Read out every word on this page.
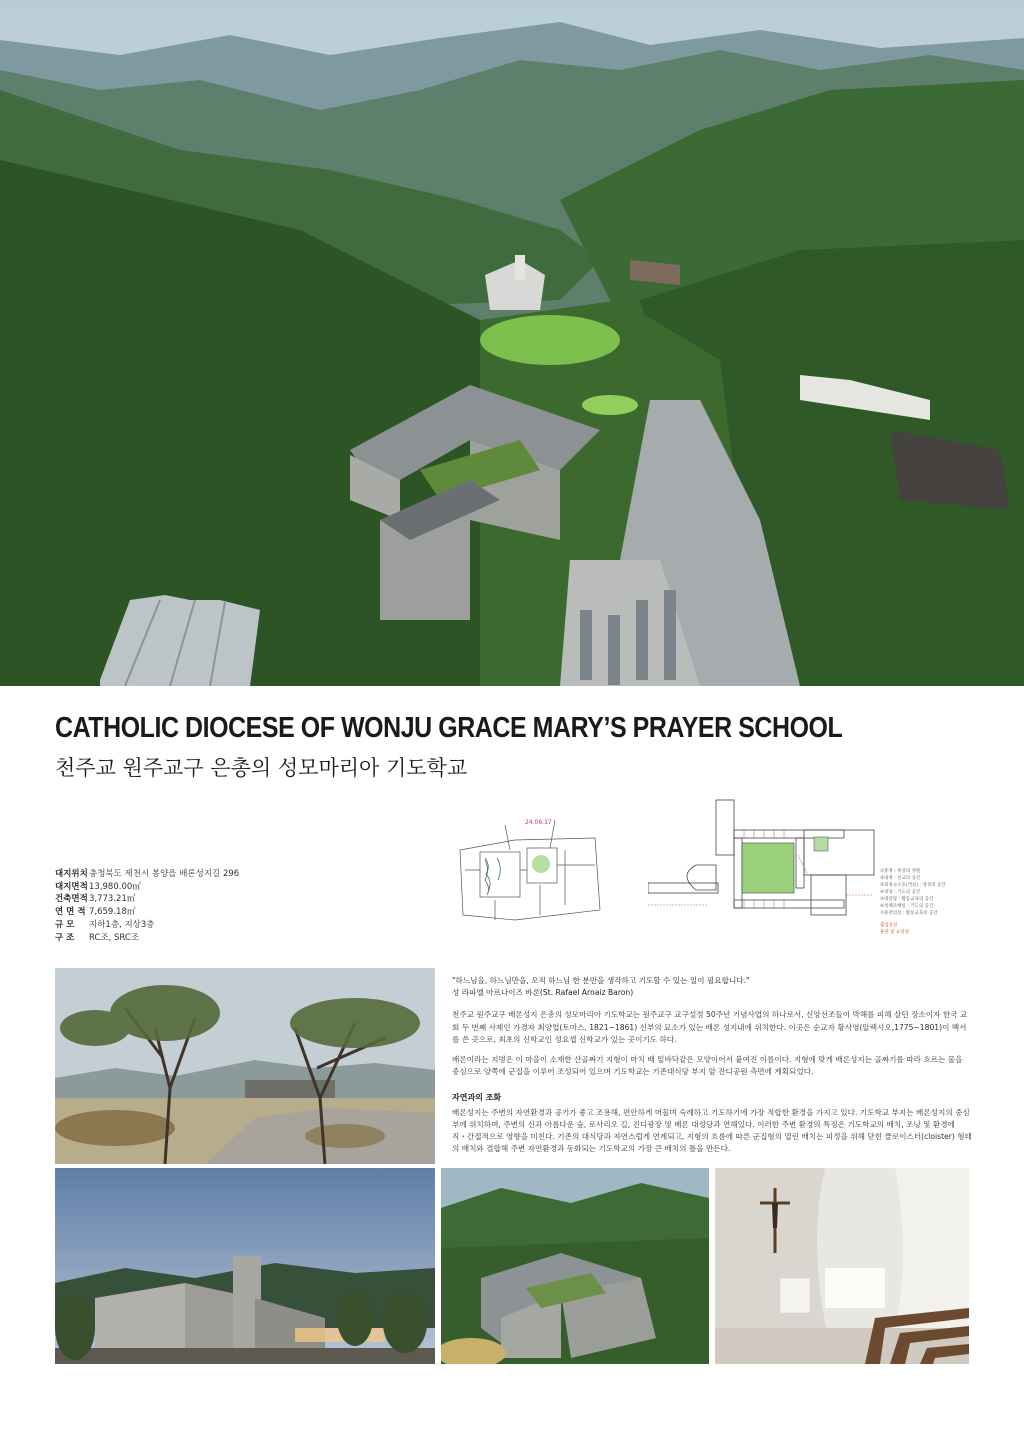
CATHOLIC DIOCESE OF WONJU GRACE MARY’S PRAYER SCHOOL
천주교 원주교구 은총의 성모마리아 기도학교
대지위치 충청북도 제천시 봉양읍 배론성지길 296
대지면적 13,980.00㎡
건축면적 3,773.21㎡
연 면 적 7,659.18㎡
규 모	지하1층, 지상3층
구 조	RC조, SRC조
24.06.17
①중정 : 묵상의 정원
②내정 : 친교의 공간
③피정숙소동(객실) : 영성의 공간
④성당 : 기도의 공간
⑤대강당 : 활동교육의 공간
⑥성체조배실 : 기도의 공간
⑦중강의실 : 활동교육의 공간
출입동선
휴관 및 요당실

"하느님을, 하느님만을, 오직 하느님 한 분만을 생각하고 기도할 수 있는 일이 필요합니다."
성 라파엘 아르나이즈 바론(St. Rafael Arnaiz Baron)

천주교 원주교구 배론성지 은총의 성모마리아 기도학교는 원주교구 교구설정 50주년 기념사업의 하나로서, 신앙선조들이 박해를 피해 살던 장소이자 한국 교회 두 번째 사제인 가경자 최양업(토마스, 1821~1861) 신부의 묘소가 있는 배론 성지내에 위치한다. 이곳은 순교자 황사영(알렉시오,1775~1801)이 백서를 쓴 곳으로, 최초의 신학교인 성요셉 신학교가 있는 곳이기도 하다.

배론이라는 지명은 이 마을이 소재한 산골짜기 지형이 마치 배 밑바닥같은 모양이어서 붙여진 이름이다. 지형에 맞게 배론성지는 골짜기를 따라 흐르는 물을 중심으로 양쪽에 군집을 이루어 조성되어 있으며 기도학교는 기존대식당 부지 앞 잔디공원 측면에 계획되었다.

자연과의 조화

배론성지는 주변의 자연환경과 공기가 좋고 조용해, 편안하게 머물며 숙례하고 기도하기에 가장 적합한 환경을 가지고 있다. 기도학교 부지는 배론성지의 중심부에 위치하며, 주변의 신과 아름다운 숲, 로사리오 길, 진디광장 및 배론 대성당과 연해있다. 이러한 주변 환경의 특징은 기도학교의 배치, 조닝 및 환경에 직・간접적으로 영향을 미친다. 기존의 대식당과 자연스럽게 연계되고, 지형의 흐름에 따른 군집형의 열린 배치는 피정을 위해 닫힌 클로이스터(cloister) 형태의 배치와 결합해 주변 자연환경과 동화되는 기도학교의 가장 큰 배치의 틀을 만든다.
